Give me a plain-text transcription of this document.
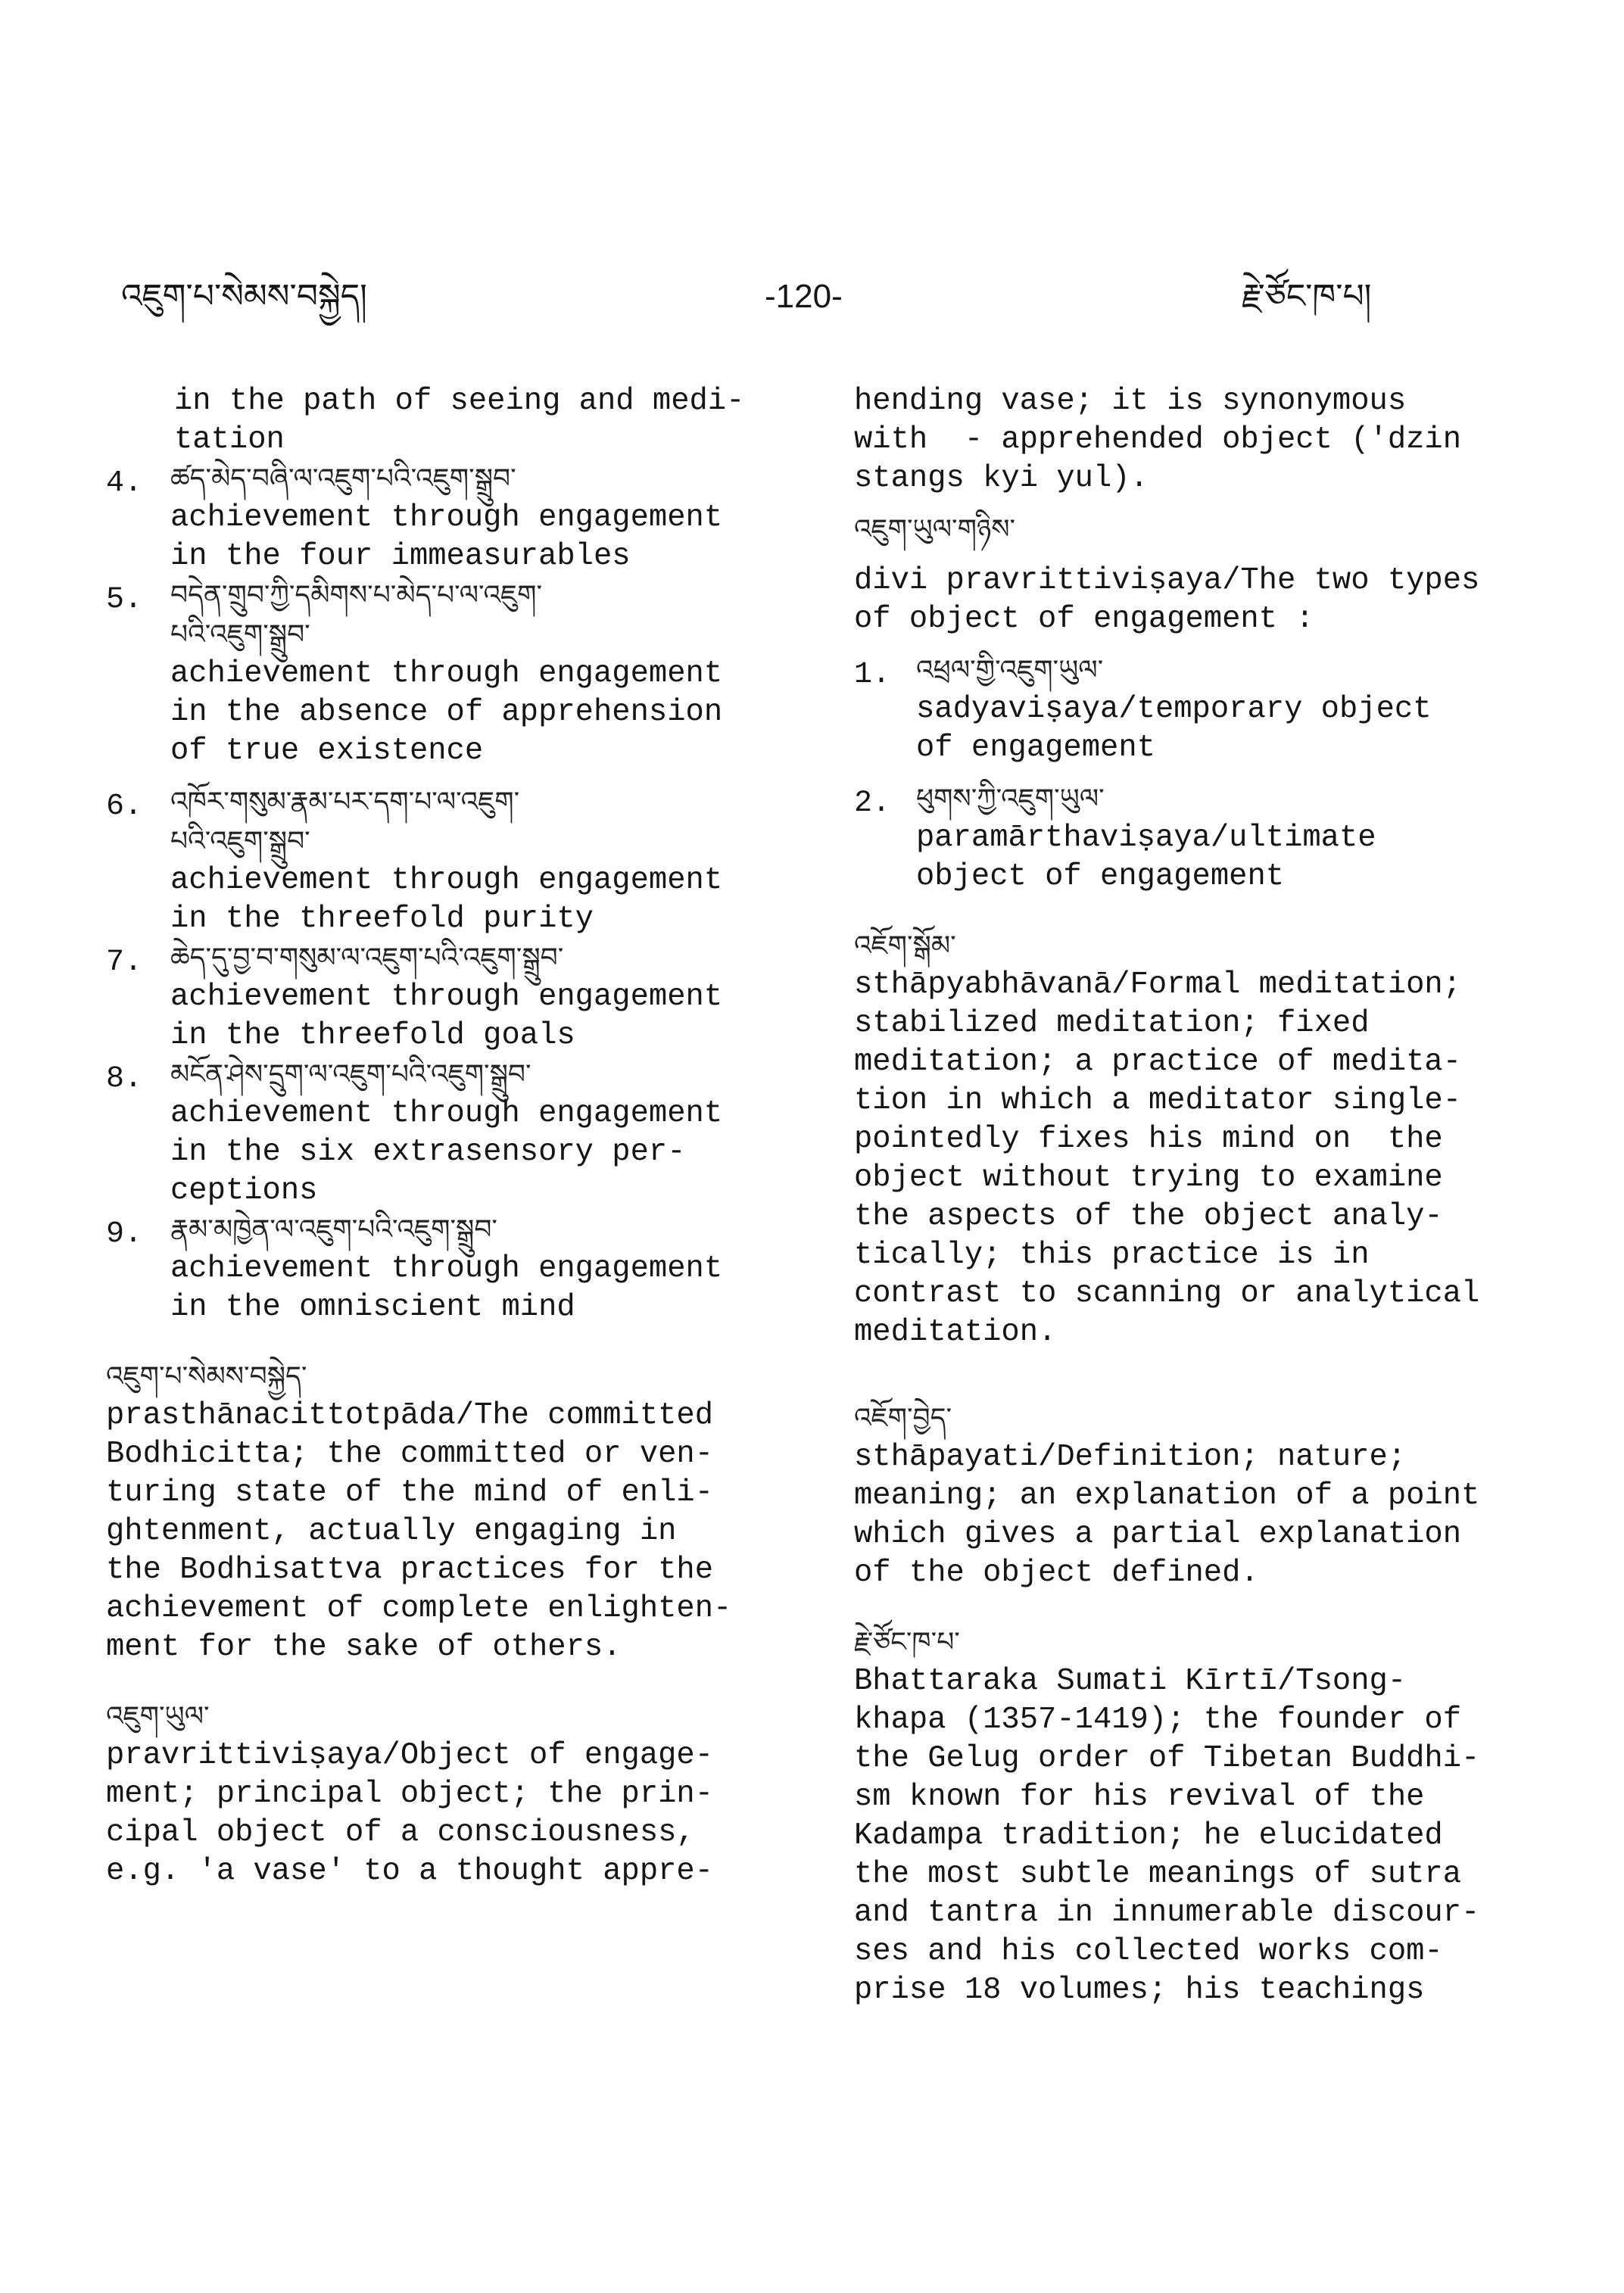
འཇུག་པ་སེམས་བསྐྱེད།	-120-	རྗེ་ཙོང་ཁ་པ།
in the path of seeing and medi-
tation
4. ཚད་མེད་བཞི་ལ་འཇུག་པའི་འཇུག་སྒྲུབ་
achievement through engagement
in the four immeasurables
5. བདེན་གྲུབ་ཀྱི་དམིགས་པ་མེད་པ་ལ་འཇུག་
པའི་འཇུག་སྒྲུབ་
achievement through engagement
in the absence of apprehension
of true existence
6. འཁོར་གསུམ་རྣམ་པར་དག་པ་ལ་འཇུག་
པའི་འཇུག་སྒྲུབ་
achievement through engagement
in the threefold purity
7. ཆེད་དུ་བྱ་བ་གསུམ་ལ་འཇུག་པའི་འཇུག་སྒྲུབ་
achievement through engagement
in the threefold goals
8. མངོན་ཤེས་དྲུག་ལ་འཇུག་པའི་འཇུག་སྒྲུབ་
achievement through engagement
in the six extrasensory per-
ceptions
9. རྣམ་མཁྱེན་ལ་འཇུག་པའི་འཇུག་སྒྲུབ་
achievement through engagement
in the omniscient mind
འཇུག་པ་སེམས་བསྐྱེད་
prasthānacittotpāda/The committed
Bodhicitta; the committed or ven-
turing state of the mind of enli-
ghtenment, actually engaging in
the Bodhisattva practices for the
achievement of complete enlighten-
ment for the sake of others.
འཇུག་ཡུལ་
pravrittiviṣaya/Object of engage-
ment; principal object; the prin-
cipal object of a consciousness,
e.g. 'a vase' to a thought appre-
hending vase; it is synonymous
with  - apprehended object ('dzin
stangs kyi yul).
འཇུག་ཡུལ་གཉིས་
divi pravrittiviṣaya/The two types
of object of engagement :
1. འཕྲལ་གྱི་འཇུག་ཡུལ་
sadyaviṣaya/temporary object
of engagement
2. ཕུགས་ཀྱི་འཇུག་ཡུལ་
paramārthaviṣaya/ultimate
object of engagement
འཇོག་སྒོམ་
sthāpyabhāvanā/Formal meditation;
stabilized meditation; fixed
meditation; a practice of medita-
tion in which a meditator single-
pointedly fixes his mind on  the
object without trying to examine
the aspects of the object analy-
tically; this practice is in
contrast to scanning or analytical
meditation.
འཇོག་བྱེད་
sthāpayati/Definition; nature;
meaning; an explanation of a point
which gives a partial explanation
of the object defined.
རྗེ་ཙོང་ཁ་པ་
Bhattaraka Sumati Kīrtī/Tsong-
khapa (1357-1419); the founder of
the Gelug order of Tibetan Buddhi-
sm known for his revival of the
Kadampa tradition; he elucidated
the most subtle meanings of sutra
and tantra in innumerable discour-
ses and his collected works com-
prise 18 volumes; his teachings
